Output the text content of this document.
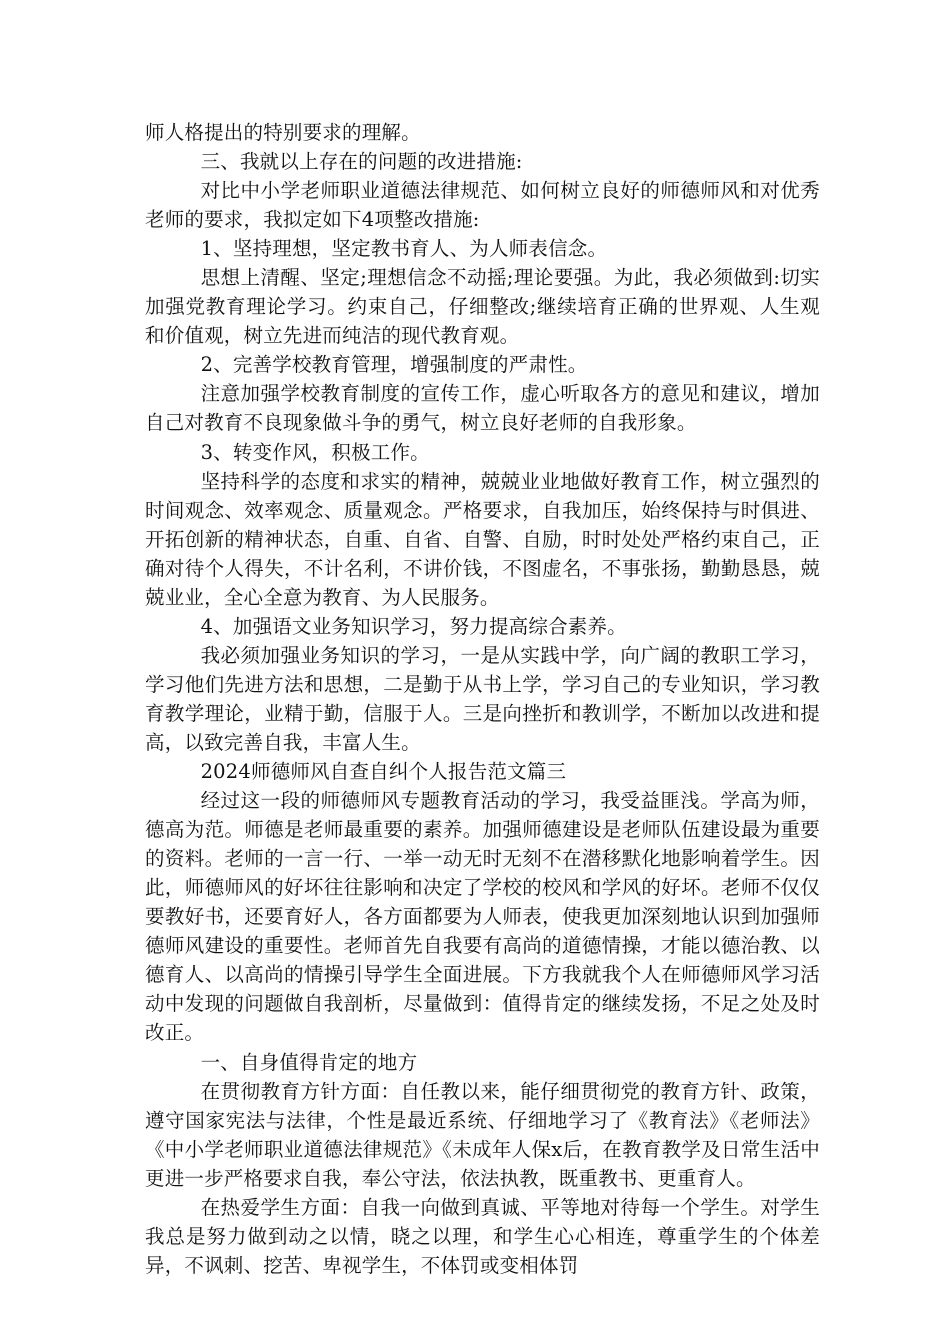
师人格提出的特别要求的理解。

三、我就以上存在的问题的改进措施:

对比中小学老师职业道德法律规范、如何树立良好的师德师风和对优秀老师的要求，我拟定如下4项整改措施:

1、坚持理想，坚定教书育人、为人师表信念。

思想上清醒、坚定;理想信念不动摇;理论要强。为此，我必须做到:切实加强党教育理论学习。约束自己，仔细整改;继续培育正确的世界观、人生观和价值观，树立先进而纯洁的现代教育观。

2、完善学校教育管理，增强制度的严肃性。

注意加强学校教育制度的宣传工作，虚心听取各方的意见和建议，增加自己对教育不良现象做斗争的勇气，树立良好老师的自我形象。

3、转变作风，积极工作。

坚持科学的态度和求实的精神，兢兢业业地做好教育工作，树立强烈的时间观念、效率观念、质量观念。严格要求，自我加压，始终保持与时俱进、开拓创新的精神状态，自重、自省、自警、自励，时时处处严格约束自己，正确对待个人得失，不计名利，不讲价钱，不图虚名，不事张扬，勤勤恳恳，兢兢业业，全心全意为教育、为人民服务。

4、加强语文业务知识学习，努力提高综合素养。

我必须加强业务知识的学习，一是从实践中学，向广阔的教职工学习，学习他们先进方法和思想，二是勤于从书上学，学习自己的专业知识，学习教育教学理论，业精于勤，信服于人。三是向挫折和教训学，不断加以改进和提高，以致完善自我，丰富人生。

2024师德师风自查自纠个人报告范文篇三

经过这一段的师德师风专题教育活动的学习，我受益匪浅。学高为师，德高为范。师德是老师最重要的素养。加强师德建设是老师队伍建设最为重要的资料。老师的一言一行、一举一动无时无刻不在潜移默化地影响着学生。因此，师德师风的好坏往往影响和决定了学校的校风和学风的好坏。老师不仅仅要教好书，还要育好人，各方面都要为人师表，使我更加深刻地认识到加强师德师风建设的重要性。老师首先自我要有高尚的道德情操，才能以德治教、以德育人、以高尚的情操引导学生全面进展。下方我就我个人在师德师风学习活动中发现的问题做自我剖析，尽量做到：值得肯定的继续发扬，不足之处及时改正。

一、自身值得肯定的地方

在贯彻教育方针方面：自任教以来，能仔细贯彻党的教育方针、政策，遵守国家宪法与法律，个性是最近系统、仔细地学习了《教育法》《老师法》《中小学老师职业道德法律规范》《未成年人保x后，在教育教学及日常生活中更进一步严格要求自我，奉公守法，依法执教，既重教书、更重育人。

在热爱学生方面：自我一向做到真诚、平等地对待每一个学生。对学生我总是努力做到动之以情，晓之以理，和学生心心相连，尊重学生的个体差异，不讽刺、挖苦、卑视学生，不体罚或变相体罚
